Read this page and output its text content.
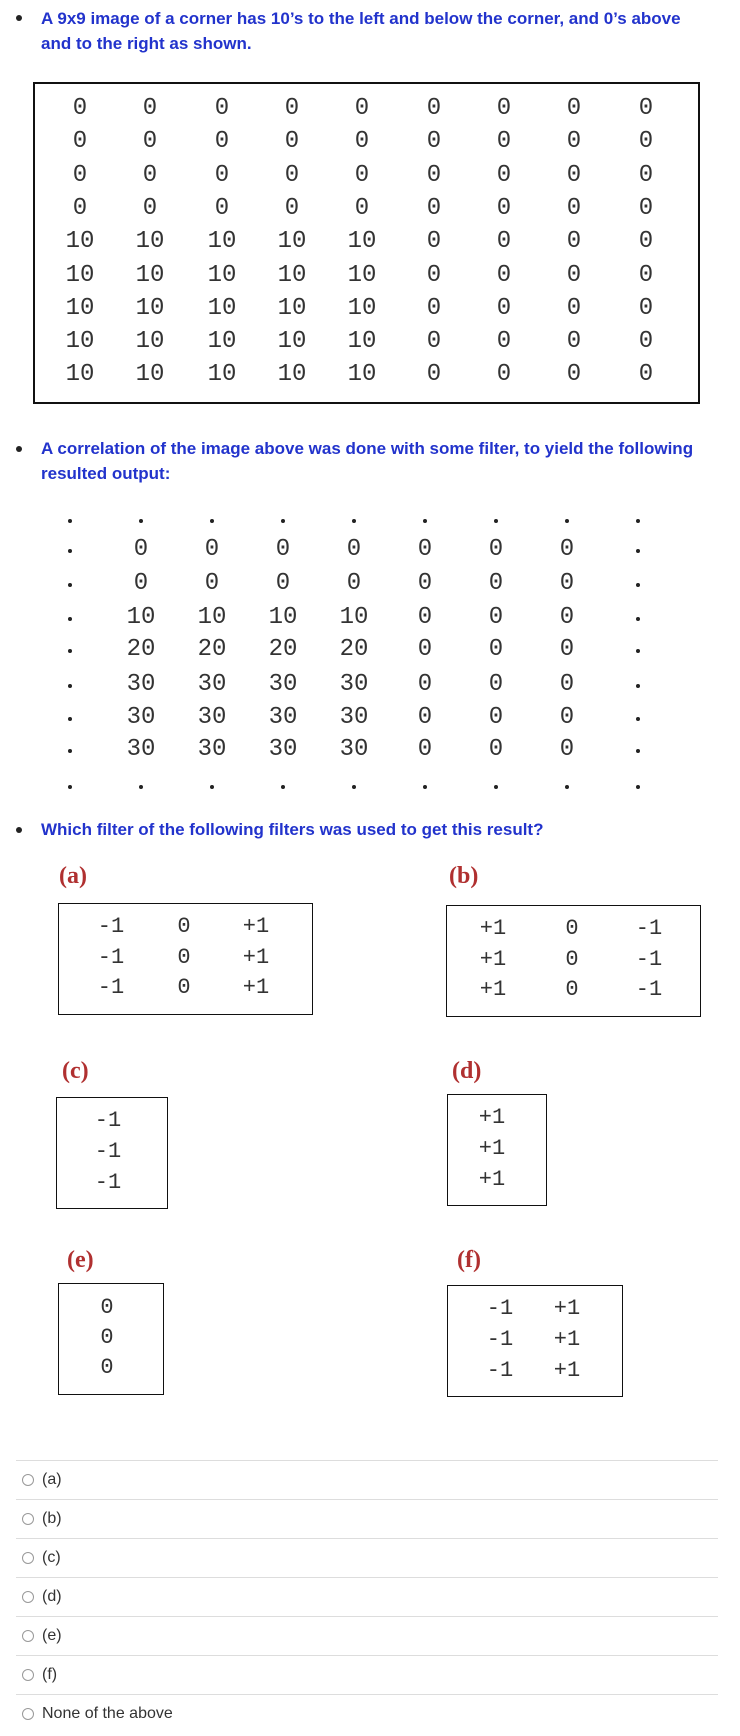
A 9x9 image of a corner has 10’s to the left and below the corner, and 0’s above and to the right as shown.
0 0 0 0 0 0 0 0 0
0 0 0 0 0 0 0 0 0
0 0 0 0 0 0 0 0 0
0 0 0 0 0 0 0 0 0
10 10 10 10 10 0 0 0 0
10 10 10 10 10 0 0 0 0
10 10 10 10 10 0 0 0 0
10 10 10 10 10 0 0 0 0
10 10 10 10 10 0 0 0 0
A correlation of the image above was done with some filter, to yield the following resulted output:
0 0 0 0 0 0 0
0 0 0 0 0 0 0
10 10 10 10 0 0 0
20 20 20 20 0 0 0
30 30 30 30 0 0 0
30 30 30 30 0 0 0
30 30 30 30 0 0 0
Which filter of the following filters was used to get this result?
(a)	(b)
(c)	(d)
(e)	(f)
-1 0 +1
-1 0 +1
-1 0 +1
+1	0	-1
+1	0	-1
+1	0	-1
-1
-1
-1
+1
+1
+1
0
0
0
-1 +1
-1 +1
-1 +1
(a)
(b)
(c)
(d)
(e)
(f)
None of the above
